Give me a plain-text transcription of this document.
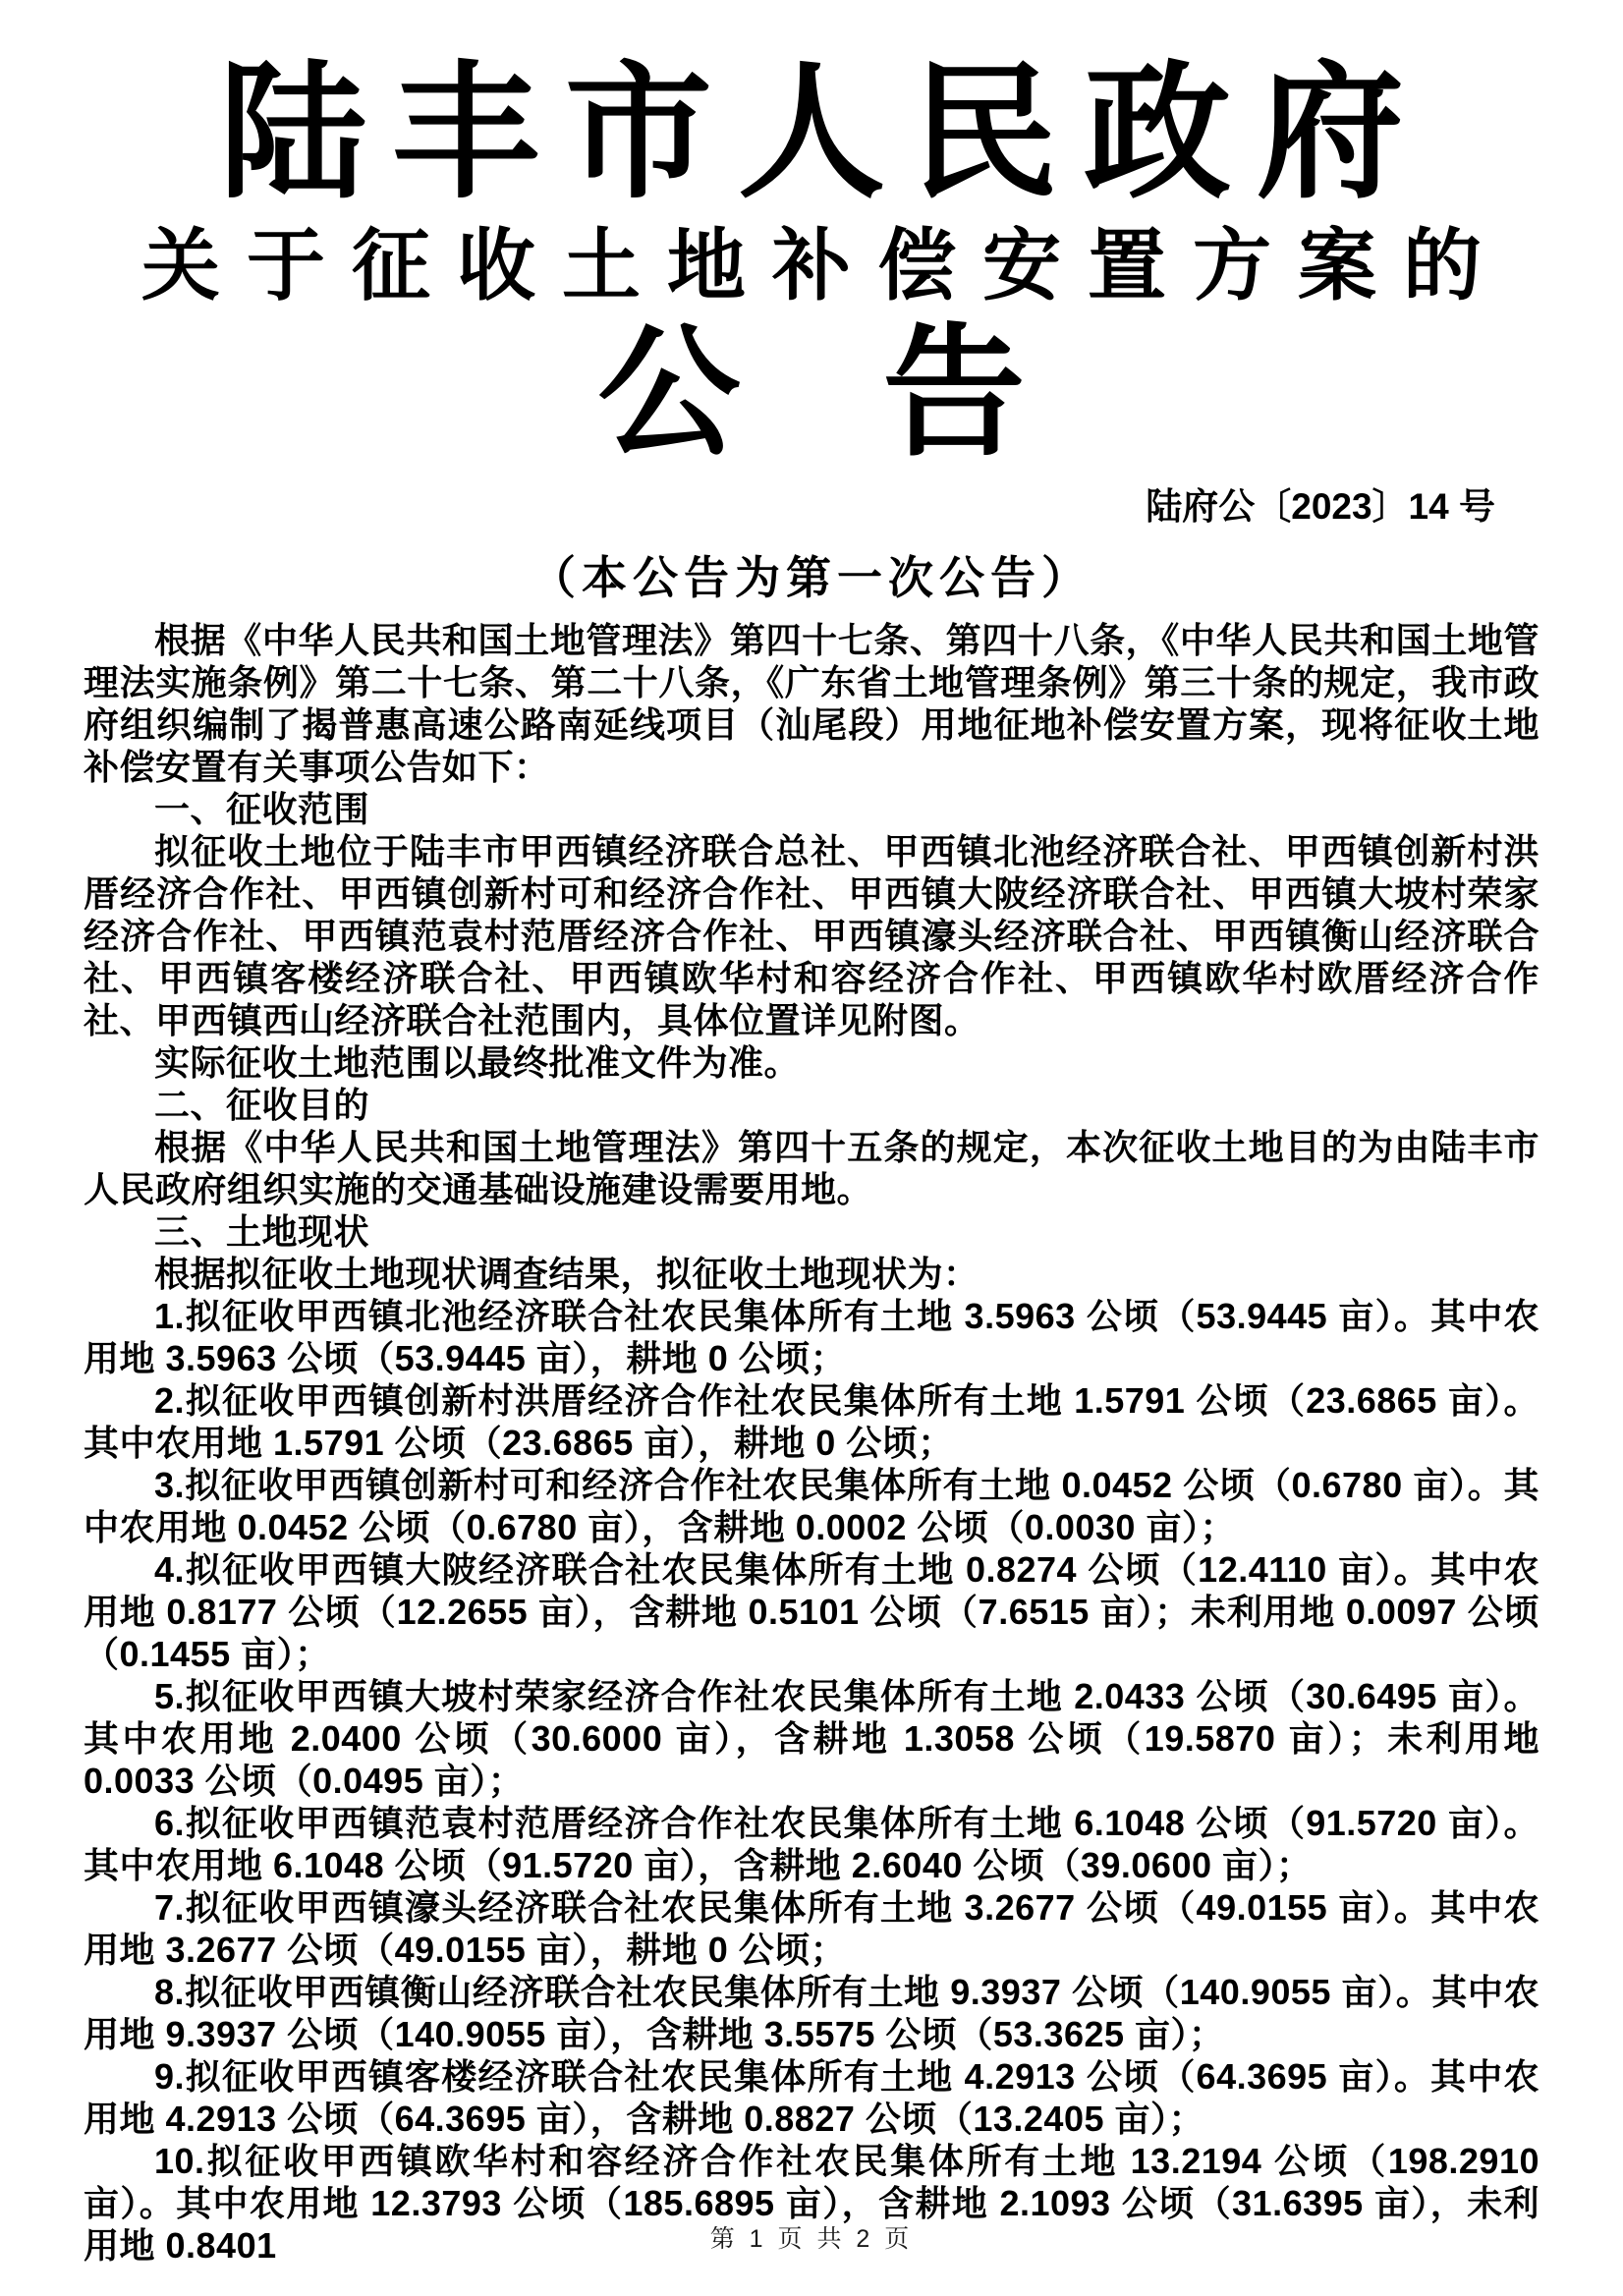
陆丰市人民政府
关于征收土地补偿安置方案的
公　告
陆府公〔2023〕14 号
（本公告为第一次公告）

根据《中华人民共和国土地管理法》第四十七条、第四十八条，《中华人民共和国土地管理法实施条例》第二十七条、第二十八条，《广东省土地管理条例》第三十条的规定，我市政府组织编制了揭普惠高速公路南延线项目（汕尾段）用地征地补偿安置方案，现将征收土地补偿安置有关事项公告如下：

一、征收范围

拟征收土地位于陆丰市甲西镇经济联合总社、甲西镇北池经济联合社、甲西镇创新村洪厝经济合作社、甲西镇创新村可和经济合作社、甲西镇大陂经济联合社、甲西镇大坡村荣家经济合作社、甲西镇范袁村范厝经济合作社、甲西镇濠头经济联合社、甲西镇衡山经济联合社、甲西镇客楼经济联合社、甲西镇欧华村和容经济合作社、甲西镇欧华村欧厝经济合作社、甲西镇西山经济联合社范围内，具体位置详见附图。

实际征收土地范围以最终批准文件为准。

二、征收目的

根据《中华人民共和国土地管理法》第四十五条的规定，本次征收土地目的为由陆丰市人民政府组织实施的交通基础设施建设需要用地。

三、土地现状

根据拟征收土地现状调查结果，拟征收土地现状为：

1.拟征收甲西镇北池经济联合社农民集体所有土地 3.5963 公顷（53.9445 亩）。其中农用地 3.5963 公顷（53.9445 亩），耕地 0 公顷；

2.拟征收甲西镇创新村洪厝经济合作社农民集体所有土地 1.5791 公顷（23.6865 亩）。其中农用地 1.5791 公顷（23.6865 亩），耕地 0 公顷；

3.拟征收甲西镇创新村可和经济合作社农民集体所有土地 0.0452 公顷（0.6780 亩）。其中农用地 0.0452 公顷（0.6780 亩），含耕地 0.0002 公顷（0.0030 亩）；

4.拟征收甲西镇大陂经济联合社农民集体所有土地 0.8274 公顷（12.4110 亩）。其中农用地 0.8177 公顷（12.2655 亩），含耕地 0.5101 公顷（7.6515 亩）；未利用地 0.0097 公顷（0.1455 亩）；

5.拟征收甲西镇大坡村荣家经济合作社农民集体所有土地 2.0433 公顷（30.6495 亩）。其中农用地 2.0400 公顷（30.6000 亩），含耕地 1.3058 公顷（19.5870 亩）；未利用地 0.0033 公顷（0.0495 亩）；

6.拟征收甲西镇范袁村范厝经济合作社农民集体所有土地 6.1048 公顷（91.5720 亩）。其中农用地 6.1048 公顷（91.5720 亩），含耕地 2.6040 公顷（39.0600 亩）；

7.拟征收甲西镇濠头经济联合社农民集体所有土地 3.2677 公顷（49.0155 亩）。其中农用地 3.2677 公顷（49.0155 亩），耕地 0 公顷；

8.拟征收甲西镇衡山经济联合社农民集体所有土地 9.3937 公顷（140.9055 亩）。其中农用地 9.3937 公顷（140.9055 亩），含耕地 3.5575 公顷（53.3625 亩）；

9.拟征收甲西镇客楼经济联合社农民集体所有土地 4.2913 公顷（64.3695 亩）。其中农用地 4.2913 公顷（64.3695 亩），含耕地 0.8827 公顷（13.2405 亩）；

10.拟征收甲西镇欧华村和容经济合作社农民集体所有土地 13.2194 公顷（198.2910 亩）。其中农用地 12.3793 公顷（185.6895 亩），含耕地 2.1093 公顷（31.6395 亩），未利用地 0.8401	第 1 页 共 2 页
